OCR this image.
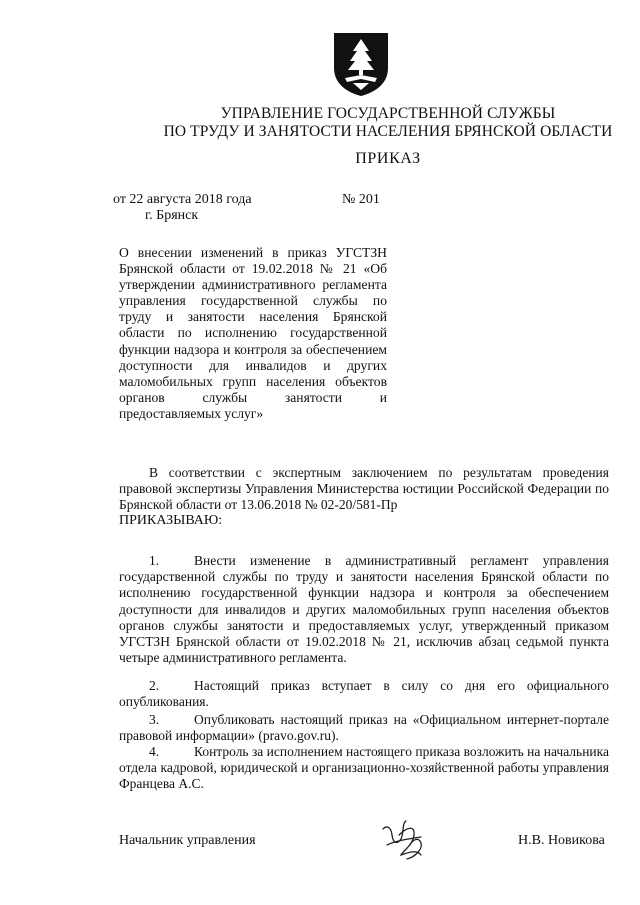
УПРАВЛЕНИЕ ГОСУДАРСТВЕННОЙ СЛУЖБЫ
ПО ТРУДУ И ЗАНЯТОСТИ НАСЕЛЕНИЯ БРЯНСКОЙ ОБЛАСТИ
ПРИКАЗ
от 22 августа 2018 года	№ 201
г. Брянск
О внесении изменений в приказ УГСТЗН Брянской области от 19.02.2018 № 21 «Об утверждении административного регламента управления государственной службы по труду и занятости населения Брянской области по исполнению государственной функции надзора и контроля за обеспечением доступности для инвалидов и других маломобильных групп населения объектов органов службы занятости и предоставляемых услуг»
В соответствии с экспертным заключением по результатам проведения правовой экспертизы Управления Министерства юстиции Российской Федерации по Брянской области от 13.06.2018 № 02-20/581-Пр
ПРИКАЗЫВАЮ:
1.	Внести изменение в административный регламент управления государственной службы по труду и занятости населения Брянской области по исполнению государственной функции надзора и контроля за обеспечением доступности для инвалидов и других маломобильных групп населения объектов органов службы занятости и предоставляемых услуг, утвержденный приказом УГСТЗН Брянской области от 19.02.2018 № 21, исключив абзац седьмой пункта четыре административного регламента.
2.	Настоящий приказ вступает в силу со дня его официального опубликования.
3.	Опубликовать настоящий приказ на «Официальном интернет-портале правовой информации» (pravo.gov.ru).
4.	Контроль за исполнением настоящего приказа возложить на начальника отдела кадровой, юридической и организационно-хозяйственной работы управления Францева А.С.
Начальник управления	Н.В. Новикова
